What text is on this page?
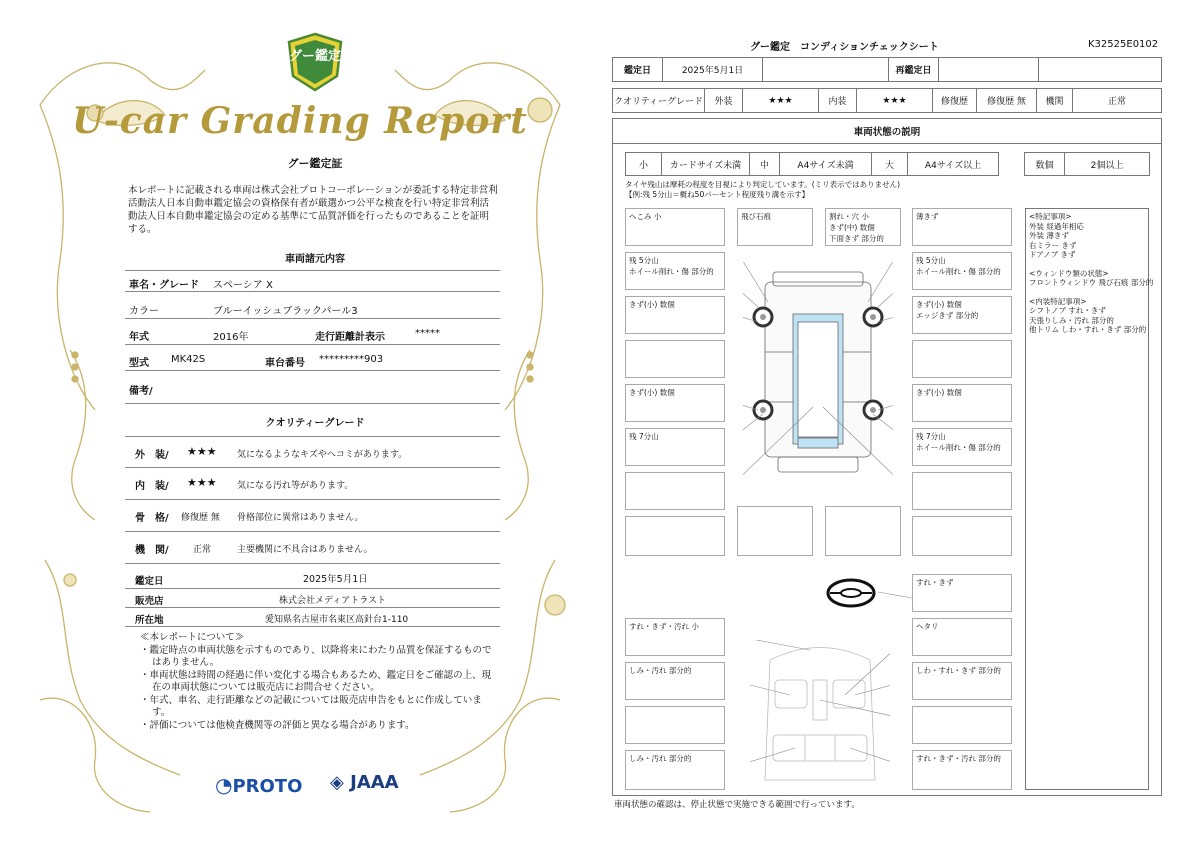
グー鑑定
U-car Grading Report
グー鑑定証
本レポートに記載される車両は株式会社プロトコーポレーションが委託する特定非営利活動法人日本自動車鑑定協会の資格保有者が厳選かつ公平な検査を行い特定非営利活動法人日本自動車鑑定協会の定める基準にて品質評価を行ったものであることを証明する。
車両諸元内容
車名・グレード スペーシア X
カラー	ブルーイッシュブラックパール3
年式	2016年	走行距離計表示	*****
型式 MK42S	車台番号 *********903
備考/
クオリティーグレード
外　装/ ★★★ 気になるようなキズやヘコミがあります。
内　装/ ★★★ 気になる汚れ等があります。
骨　格/ 修復歴 無 骨格部位に異常はありません。
機　関/	正常	主要機関に不具合はありません。
鑑定日	2025年5月1日
販売店	株式会社メディアトラスト
所在地	愛知県名古屋市名東区高針台1-110
≪本レポートについて≫
・鑑定時点の車両状態を示すものであり、以降将来にわたり品質を保証するものではありません。
・車両状態は時間の経過に伴い変化する場合もあるため、鑑定日をご確認の上、現在の車両状態については販売店にお問合せください。
・年式、車名、走行距離などの記載については販売店申告をもとに作成しています。
・評価については他検査機関等の評価と異なる場合があります。
◔PROTO ◈ JAAA
グー鑑定　コンディションチェックシート	K32525E0102
鑑定日	2025年5月1日	再鑑定日
クオリティーグレード	外装	★★★	内装	★★★	修復歴	修復歴 無	機関	正常
車両状態の説明
小	カードサイズ未満	中	A4サイズ未満	大	A4サイズ以上	数個	2個以上
タイヤ残山は摩耗の程度を目視により判定しています。(ミリ表示ではありません)
【例:残 5分山＝概ね50パーセント程度残り溝を示す】
へこみ 小	飛び石痕	割れ・穴 小
きず(中) 数個
下面きず 部分的
薄きず
残 5分山
ホイール削れ・傷 部分的
残 5分山
ホイール削れ・傷 部分的
きず(小) 数個	きず(小) 数個
エッジきず 部分的
きず(小) 数個	きず(小) 数個
残 7分山	残 7分山
ホイール削れ・傷 部分的
すれ・きず
すれ・きず・汚れ 小	ヘタリ
しみ・汚れ 部分的	しわ・すれ・きず 部分的
しみ・汚れ 部分的	すれ・きず・汚れ 部分的
<特記事項>
外装 経過年相応
外装 薄きず
右ミラー きず
ドアノブ きず
<ウィンドウ類の状態>
フロントウィンドウ 飛び石痕 部分的
<内装特記事項>
シフトノブ すれ・きず
天張りしみ・汚れ 部分的
他トリム しわ・すれ・きず 部分的
車両状態の確認は、停止状態で実施できる範囲で行っています。
